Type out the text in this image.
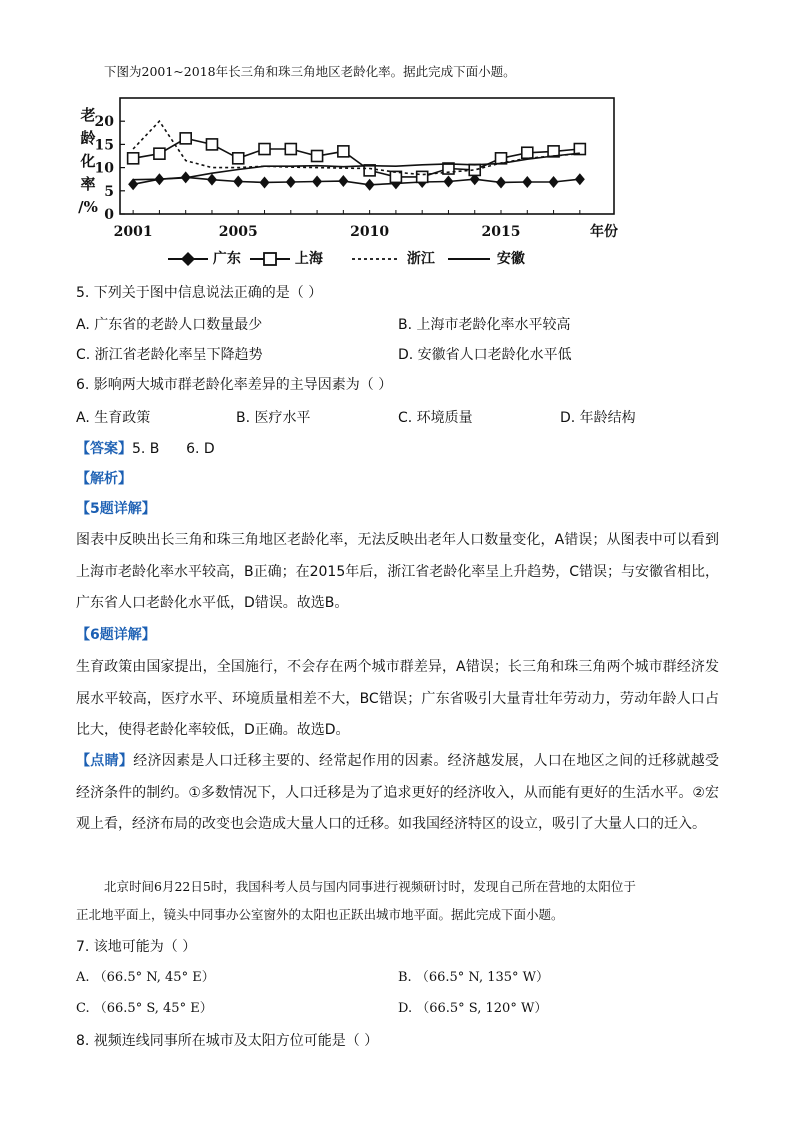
下图为2001~2018年长三角和珠三角地区老龄化率。据此完成下面小题。
老
龄
化
率
/% 0
5
10
15
20
2001	2005	2010	2015	年份
广东	上海	浙江	安徽
5. 下列关于图中信息说法正确的是（ ）
A. 广东省的老龄人口数量最少	B. 上海市老龄化率水平较高
C. 浙江省老龄化率呈下降趋势	D. 安徽省人口老龄化水平低
6. 影响两大城市群老龄化率差异的主导因素为（ ）
A. 生育政策	B. 医疗水平	C. 环境质量	D. 年龄结构
【答案】5. B      6. D
【解析】
【5题详解】
图表中反映出长三角和珠三角地区老龄化率，无法反映出老年人口数量变化，A错误；从图表中可以看到上海市老龄化率水平较高，B正确；在2015年后，浙江省老龄化率呈上升趋势，C错误；与安徽省相比，广东省人口老龄化水平低，D错误。故选B。
【6题详解】
生育政策由国家提出，全国施行，不会存在两个城市群差异，A错误；长三角和珠三角两个城市群经济发展水平较高，医疗水平、环境质量相差不大，BC错误；广东省吸引大量青壮年劳动力，劳动年龄人口占比大，使得老龄化率较低，D正确。故选D。
【点睛】经济因素是人口迁移主要的、经常起作用的因素。经济越发展，人口在地区之间的迁移就越受经济条件的制约。①多数情况下，人口迁移是为了追求更好的经济收入，从而能有更好的生活水平。②宏观上看，经济布局的改变也会造成大量人口的迁移。如我国经济特区的设立，吸引了大量人口的迁入。
北京时间6月22日5时，我国科考人员与国内同事进行视频研讨时，发现自己所在营地的太阳位于
正北地平面上，镜头中同事办公室窗外的太阳也正跃出城市地平面。据此完成下面小题。
7. 该地可能为（ ）
A. （66.5° N, 45° E）	B. （66.5° N, 135° W）
C. （66.5° S, 45° E）	D. （66.5° S, 120° W）
8. 视频连线同事所在城市及太阳方位可能是（ ）
